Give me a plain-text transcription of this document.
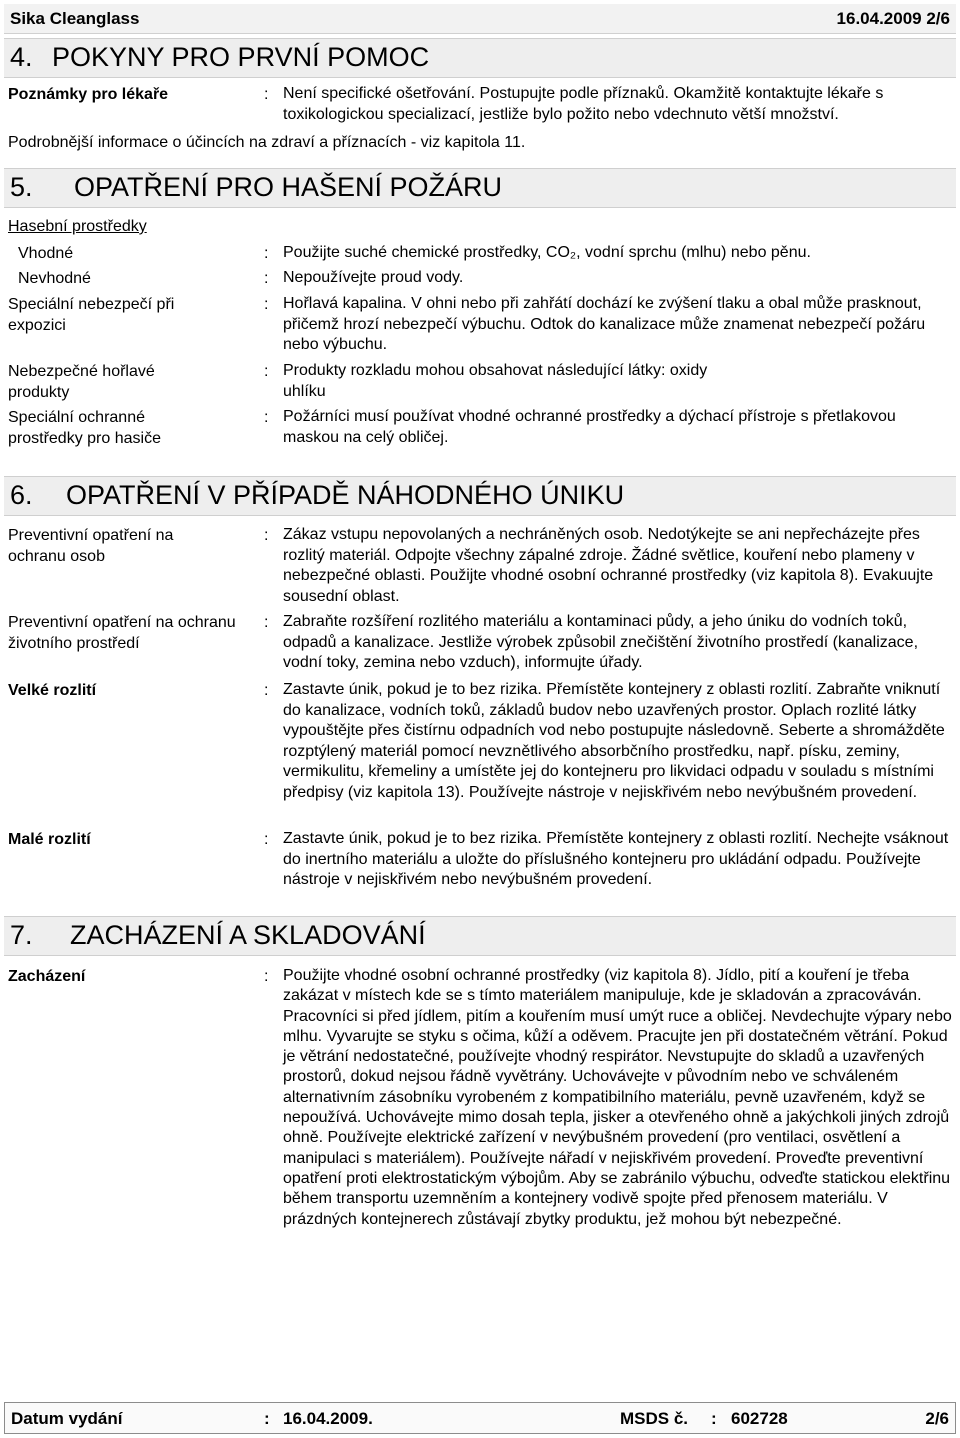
Sika Cleanglass	16.04.2009 2/6
4. POKYNY PRO PRVNÍ POMOC
Poznámky pro lékaře	: Není specifické ošetřování. Postupujte podle příznaků. Okamžitě kontaktujte lékaře s toxikologickou specializací, jestliže bylo požito nebo vdechnuto větší množství.
Podrobnější informace o účincích na zdraví a příznacích - viz kapitola 11.
5. OPATŘENÍ PRO HAŠENÍ POŽÁRU
Hasební prostředky
Vhodné	: Použijte suché chemické prostředky, CO₂, vodní sprchu (mlhu) nebo pěnu.
Nevhodné	: Nepoužívejte proud vody.
Speciální nebezpečí při expozici
: Hořlavá kapalina. V ohni nebo při zahřátí dochází ke zvýšení tlaku a obal může prasknout, přičemž hrozí nebezpečí výbuchu. Odtok do kanalizace může znamenat nebezpečí požáru nebo výbuchu.
Nebezpečné hořlavé produkty
: Produkty rozkladu mohou obsahovat následující látky: oxidy uhlíku
Speciální ochranné prostředky pro hasiče
: Požárníci musí používat vhodné ochranné prostředky a dýchací přístroje s přetlakovou maskou na celý obličej.
6. OPATŘENÍ V PŘÍPADĚ NÁHODNÉHO ÚNIKU
Preventivní opatření na ochranu osob
: Zákaz vstupu nepovolaných a nechráněných osob. Nedotýkejte se ani nepřecházejte přes rozlitý materiál. Odpojte všechny zápalné zdroje. Žádné světlice, kouření nebo plameny v nebezpečné oblasti. Použijte vhodné osobní ochranné prostředky (viz kapitola 8). Evakuujte sousední oblast.
Preventivní opatření na ochranu životního prostředí
: Zabraňte rozšíření rozlitého materiálu a kontaminaci půdy, a jeho úniku do vodních toků, odpadů a kanalizace. Jestliže výrobek způsobil znečištění životního prostředí (kanalizace, vodní toky, zemina nebo vzduch), informujte úřady.
Velké rozlití	: Zastavte únik, pokud je to bez rizika. Přemístěte kontejnery z oblasti rozlití. Zabraňte vniknutí do kanalizace, vodních toků, základů budov nebo uzavřených prostor. Oplach rozlité látky vypouštějte přes čistírnu odpadních vod nebo postupujte následovně. Seberte a shromážděte rozptýlený materiál pomocí nevznětlivého absorbčního prostředku, např. písku, zeminy, vermikulitu, křemeliny a umístěte jej do kontejneru pro likvidaci odpadu v souladu s místními předpisy (viz kapitola 13). Používejte nástroje v nejiskřivém nebo nevýbušném provedení.
Malé rozlití	: Zastavte únik, pokud je to bez rizika. Přemístěte kontejnery z oblasti rozlití. Nechejte vsáknout do inertního materiálu a uložte do příslušného kontejneru pro ukládání odpadu. Používejte nástroje v nejiskřivém nebo nevýbušném provedení.
7. ZACHÁZENÍ A SKLADOVÁNÍ
Zacházení	: Použijte vhodné osobní ochranné prostředky (viz kapitola 8). Jídlo, pití a kouření je třeba zakázat v místech kde se s tímto materiálem manipuluje, kde je skladován a zpracováván. Pracovníci si před jídlem, pitím a kouřením musí umýt ruce a obličej. Nevdechujte výpary nebo mlhu. Vyvarujte se styku s očima, kůží a oděvem. Pracujte jen při dostatečném větrání. Pokud je větrání nedostatečné, používejte vhodný respirátor. Nevstupujte do skladů a uzavřených prostorů, dokud nejsou řádně vyvětrány. Uchovávejte v původním nebo ve schváleném alternativním zásobníku vyrobeném z kompatibilního materiálu, pevně uzavřeném, když se nepoužívá. Uchovávejte mimo dosah tepla, jisker a otevřeného ohně a jakýchkoli jiných zdrojů ohně. Používejte elektrické zařízení v nevýbušném provedení (pro ventilaci, osvětlení a manipulaci s materiálem). Používejte nářadí v nejiskřivém provedení. Proveďte preventivní opatření proti elektrostatickým výbojům. Aby se zabránilo výbuchu, odveďte statickou elektřinu během transportu uzemněním a kontejnery vodivě spojte před přenosem materiálu. V prázdných kontejnerech zůstávají zbytky produktu, jež mohou být nebezpečné.
Datum vydání	: 16.04.2009.	MSDS č. : 602728	2/6
